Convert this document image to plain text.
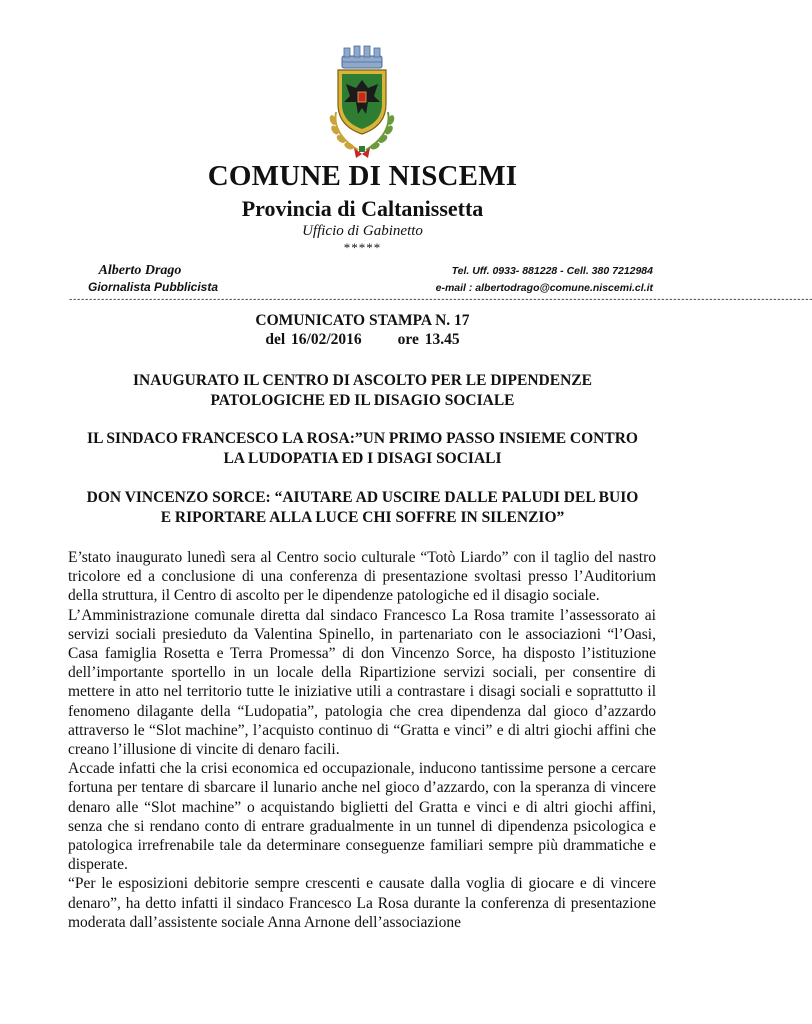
COMUNE DI NISCEMI
Provincia di Caltanissetta
Ufficio di Gabinetto
*****
Alberto Drago
Giornalista Pubblicista
Tel. Uff. 0933- 881228 - Cell. 380 7212984
e-mail : albertodrago@comune.niscemi.cl.it
------------------------------------------------------------------------------------------------------------------------------------------------------------------------------------------
COMUNICATO STAMPA N. 17
del 16/02/2016 ore 13.45
INAUGURATO IL CENTRO DI ASCOLTO PER LE DIPENDENZE PATOLOGICHE ED IL DISAGIO SOCIALE
IL SINDACO FRANCESCO LA ROSA:”UN PRIMO PASSO INSIEME CONTRO LA LUDOPATIA ED I DISAGI SOCIALI
DON VINCENZO SORCE: “AIUTARE AD USCIRE DALLE PALUDI DEL BUIO E RIPORTARE ALLA LUCE CHI SOFFRE IN SILENZIO”

E’stato inaugurato lunedì sera al Centro socio culturale “Totò Liardo” con il taglio del nastro tricolore ed a conclusione di una conferenza di presentazione svoltasi presso l’Auditorium della struttura, il Centro di ascolto per le dipendenze patologiche ed il disagio sociale.

L’Amministrazione comunale diretta dal sindaco Francesco La Rosa tramite l’assessorato ai servizi sociali presieduto da Valentina Spinello, in partenariato con le associazioni “l’Oasi, Casa famiglia Rosetta e Terra Promessa” di don Vincenzo Sorce, ha disposto l’istituzione dell’importante sportello in un locale della Ripartizione servizi sociali, per consentire di mettere in atto nel territorio tutte le iniziative utili a contrastare i disagi sociali e soprattutto il fenomeno dilagante della “Ludopatia”, patologia che crea dipendenza dal gioco d’azzardo attraverso le “Slot machine”, l’acquisto continuo di “Gratta e vinci” e di altri giochi affini che creano l’illusione di vincite di denaro facili.

Accade infatti che la crisi economica ed occupazionale, inducono tantissime persone a cercare fortuna per tentare di sbarcare il lunario anche nel gioco d’azzardo, con la speranza di vincere denaro alle “Slot machine” o acquistando biglietti del Gratta e vinci e di altri giochi affini, senza che si rendano conto di entrare gradualmente in un tunnel di dipendenza psicologica e patologica irrefrenabile tale da determinare conseguenze familiari sempre più drammatiche e disperate.

“Per le esposizioni debitorie sempre crescenti e causate dalla voglia di giocare e di vincere denaro”, ha detto infatti il sindaco Francesco La Rosa durante la conferenza di presentazione moderata dall’assistente sociale Anna Arnone dell’associazione
